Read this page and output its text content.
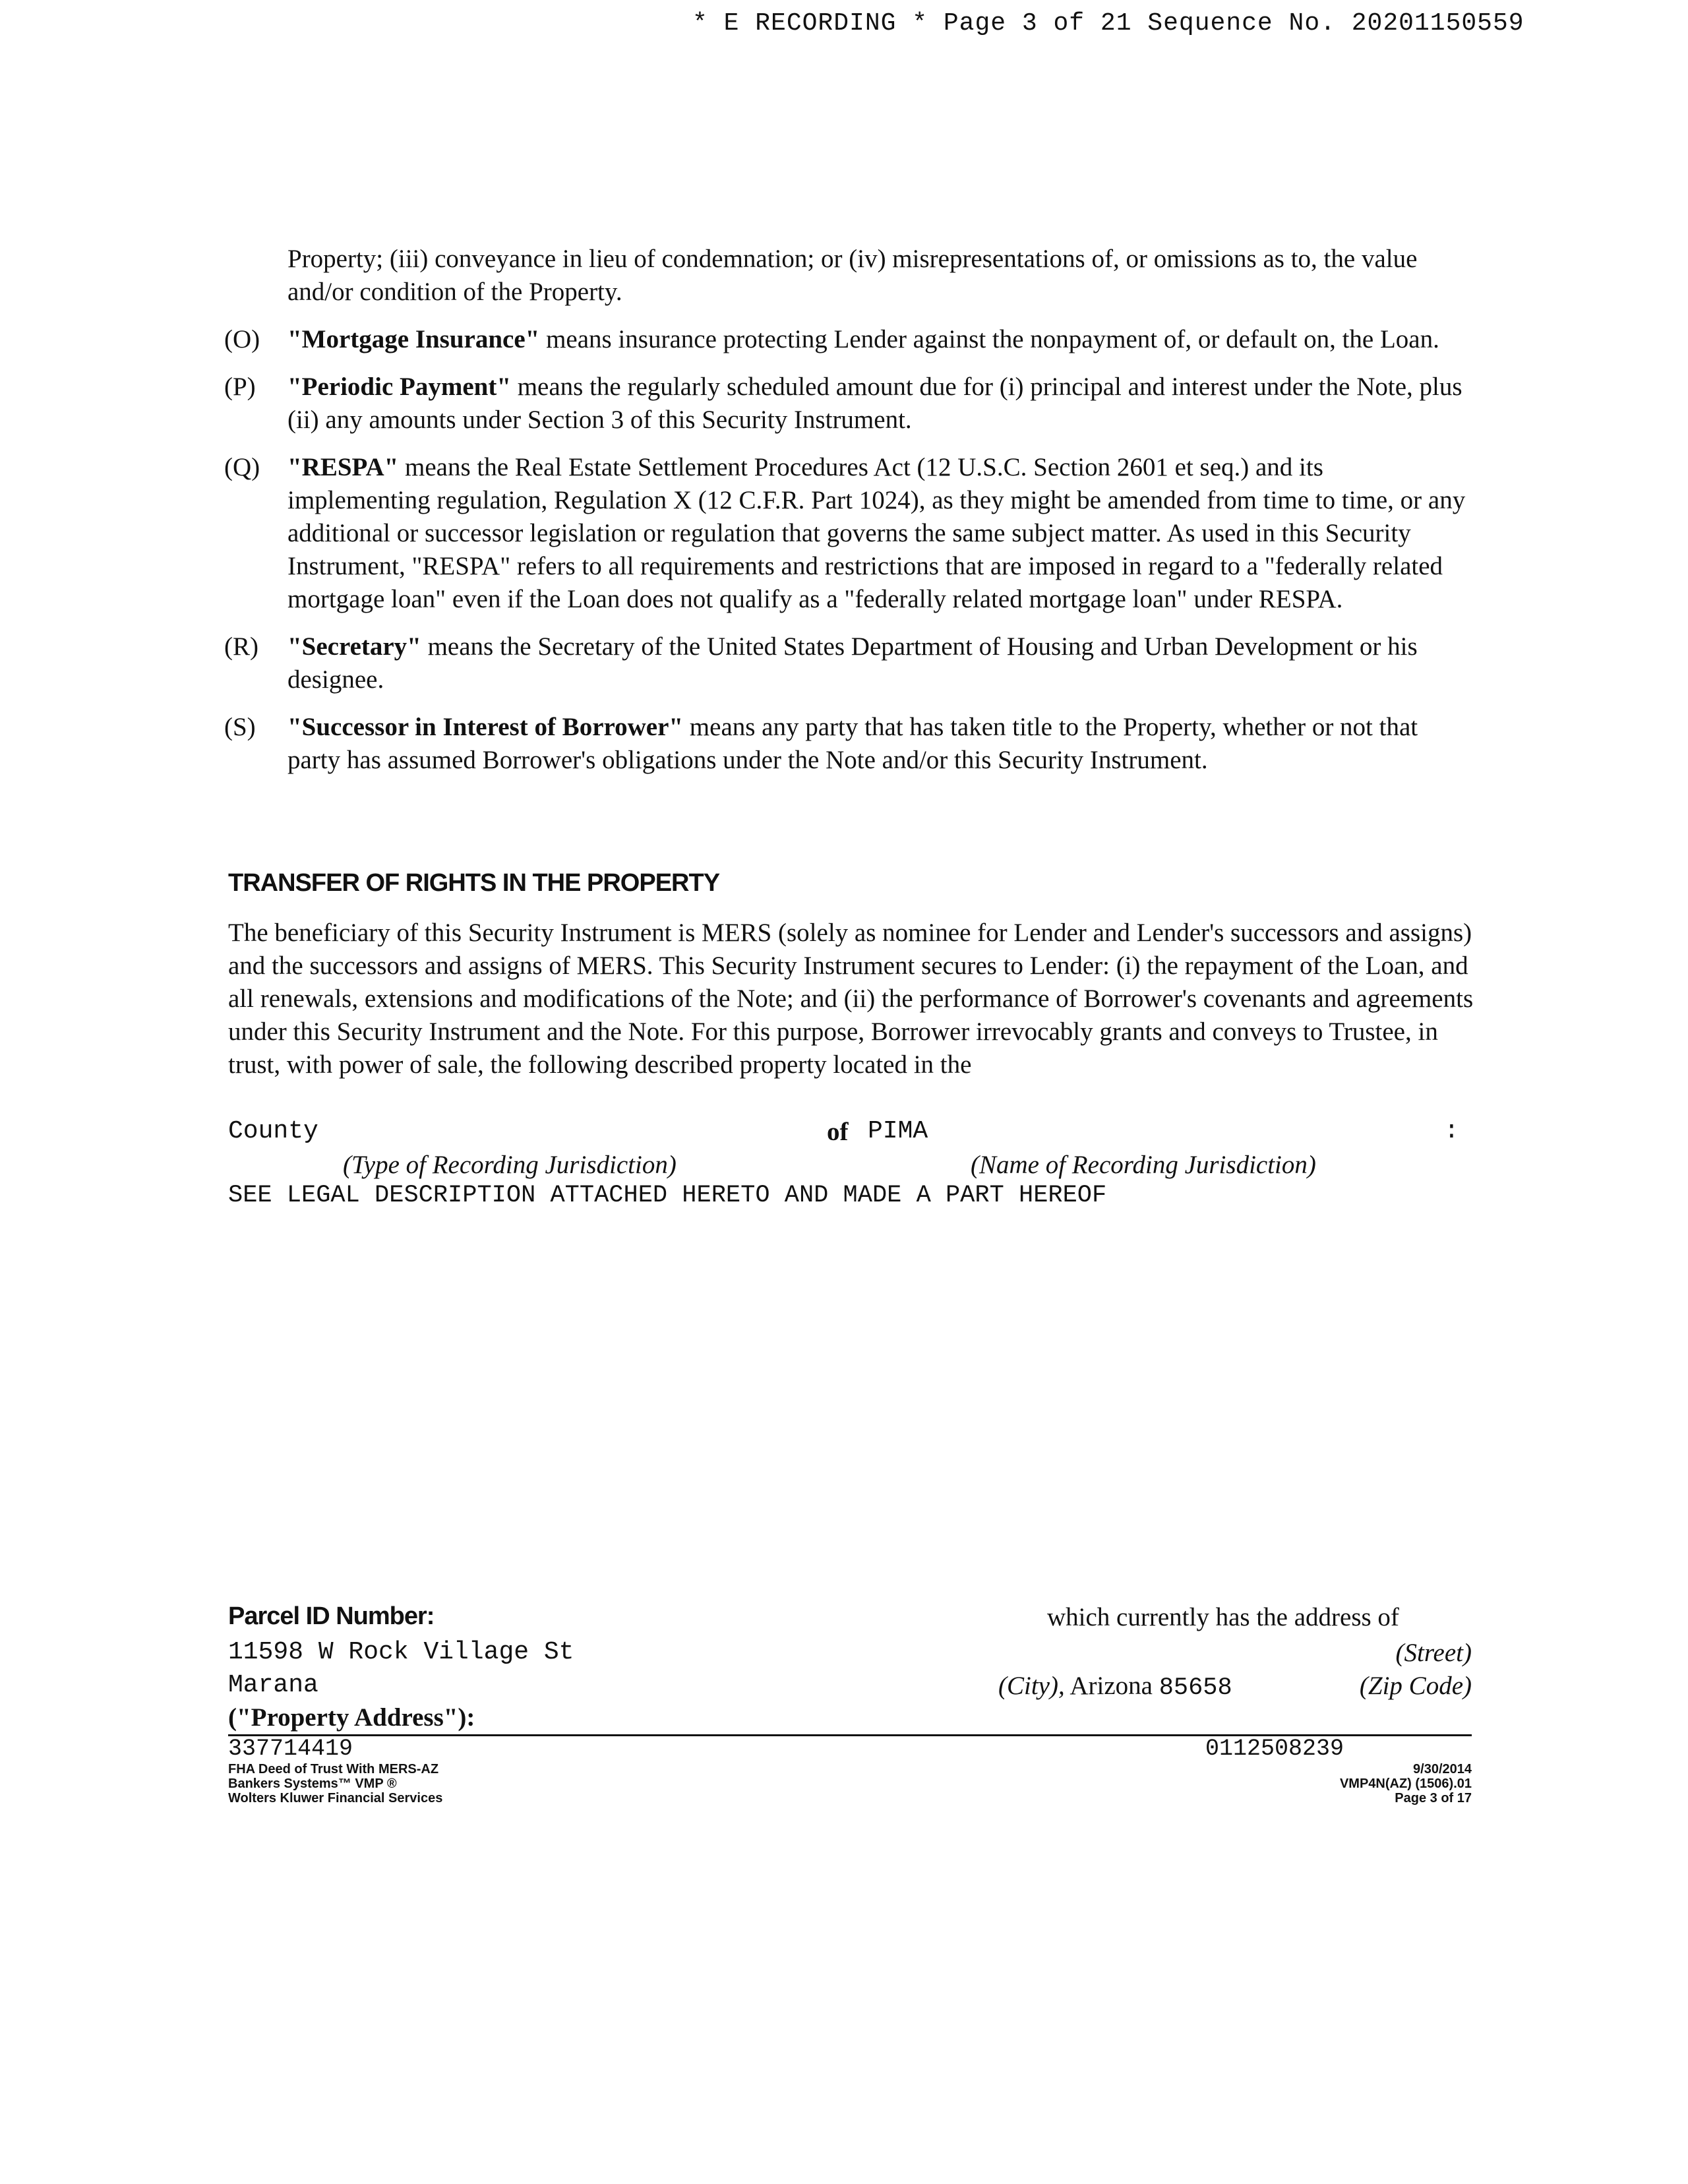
* E RECORDING * Page 3 of 21 Sequence No. 20201150559
Property; (iii) conveyance in lieu of condemnation; or (iv) misrepresentations of, or omissions as to, the value and/or condition of the Property.
(O)	"Mortgage Insurance" means insurance protecting Lender against the nonpayment of, or default on, the Loan.
(P)	"Periodic Payment" means the regularly scheduled amount due for (i) principal and interest under the Note, plus (ii) any amounts under Section 3 of this Security Instrument.
(Q)	"RESPA" means the Real Estate Settlement Procedures Act (12 U.S.C. Section 2601 et seq.) and its implementing regulation, Regulation X (12 C.F.R. Part 1024), as they might be amended from time to time, or any additional or successor legislation or regulation that governs the same subject matter. As used in this Security Instrument, "RESPA" refers to all requirements and restrictions that are imposed in regard to a "federally related mortgage loan" even if the Loan does not qualify as a "federally related mortgage loan" under RESPA.
(R)	"Secretary" means the Secretary of the United States Department of Housing and Urban Development or his designee.
(S)	"Successor in Interest of Borrower" means any party that has taken title to the Property, whether or not that party has assumed Borrower's obligations under the Note and/or this Security Instrument.
TRANSFER OF RIGHTS IN THE PROPERTY
The beneficiary of this Security Instrument is MERS (solely as nominee for Lender and Lender's successors and assigns) and the successors and assigns of MERS. This Security Instrument secures to Lender: (i) the repayment of the Loan, and all renewals, extensions and modifications of the Note; and (ii) the performance of Borrower's covenants and agreements under this Security Instrument and the Note. For this purpose, Borrower irrevocably grants and conveys to Trustee, in trust, with power of sale, the following described property located in the
County	of PIMA	:
(Type of Recording Jurisdiction)	(Name of Recording Jurisdiction)
SEE LEGAL DESCRIPTION ATTACHED HERETO AND MADE A PART HEREOF
Parcel ID Number:	which currently has the address of
11598 W Rock Village St	(Street)
Marana	(City), Arizona 85658	(Zip Code)
("Property Address"):
337714419	0112508239
FHA Deed of Trust With MERS-AZ
Bankers Systems™ VMP ®
Wolters Kluwer Financial Services
9/30/2014
VMP4N(AZ) (1506).01
Page 3 of 17
